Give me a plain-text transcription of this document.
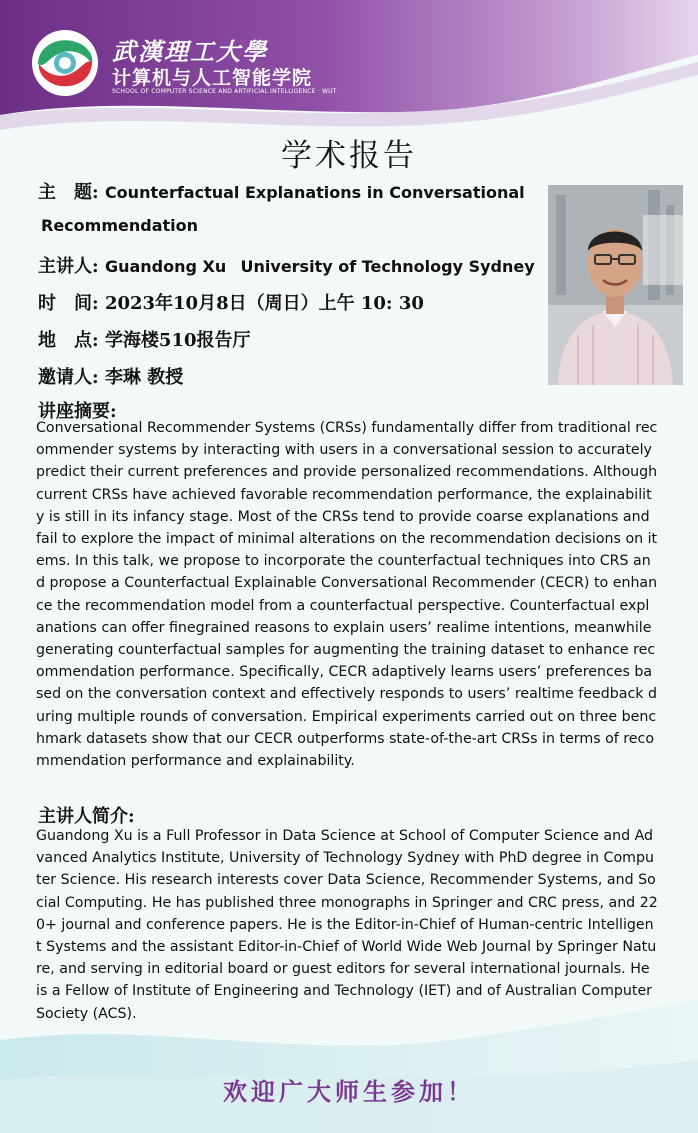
武漢理工大學
计算机与人工智能学院
SCHOOL OF COMPUTER SCIENCE AND ARTIFICIAL INTELLIGENCE · WUT
学术报告
主　题: Counterfactual Explanations in Conversational
Recommendation
主讲人: Guandong Xu University of Technology Sydney
时　间: 2023年10月8日（周日）上午 10: 30
地　点: 学海楼510报告厅
邀请人: 李琳 教授
讲座摘要:
Conversational Recommender Systems (CRSs) fundamentally differ from traditional recommender systems by interacting with users in a conversational session to accurately predict their current preferences and provide personalized recommendations. Although current CRSs have achieved favorable recommendation performance, the explainability is still in its infancy stage. Most of the CRSs tend to provide coarse explanations and fail to explore the impact of minimal alterations on the recommendation decisions on items. In this talk, we propose to incorporate the counterfactual techniques into CRS and propose a Counterfactual Explainable Conversational Recommender (CECR) to enhance the recommendation model from a counterfactual perspective. Counterfactual explanations can offer finegrained reasons to explain users’ realime intentions, meanwhile generating counterfactual samples for augmenting the training dataset to enhance recommendation performance. Specifically, CECR adaptively learns users’ preferences based on the conversation context and effectively responds to users’ realtime feedback during multiple rounds of conversation. Empirical experiments carried out on three benchmark datasets show that our CECR outperforms state-of-the-art CRSs in terms of recommendation performance and explainability.
主讲人简介:
Guandong Xu is a Full Professor in Data Science at School of Computer Science and Advanced Analytics Institute, University of Technology Sydney with PhD degree in Computer Science. His research interests cover Data Science, Recommender Systems, and Social Computing. He has published three monographs in Springer and CRC press, and 220+ journal and conference papers. He is the Editor-in-Chief of Human-centric Intelligent Systems and the assistant Editor-in-Chief of World Wide Web Journal by Springer Nature, and serving in editorial board or guest editors for several international journals. He is a Fellow of Institute of Engineering and Technology (IET) and of Australian Computer Society (ACS).
欢迎广大师生参加！
